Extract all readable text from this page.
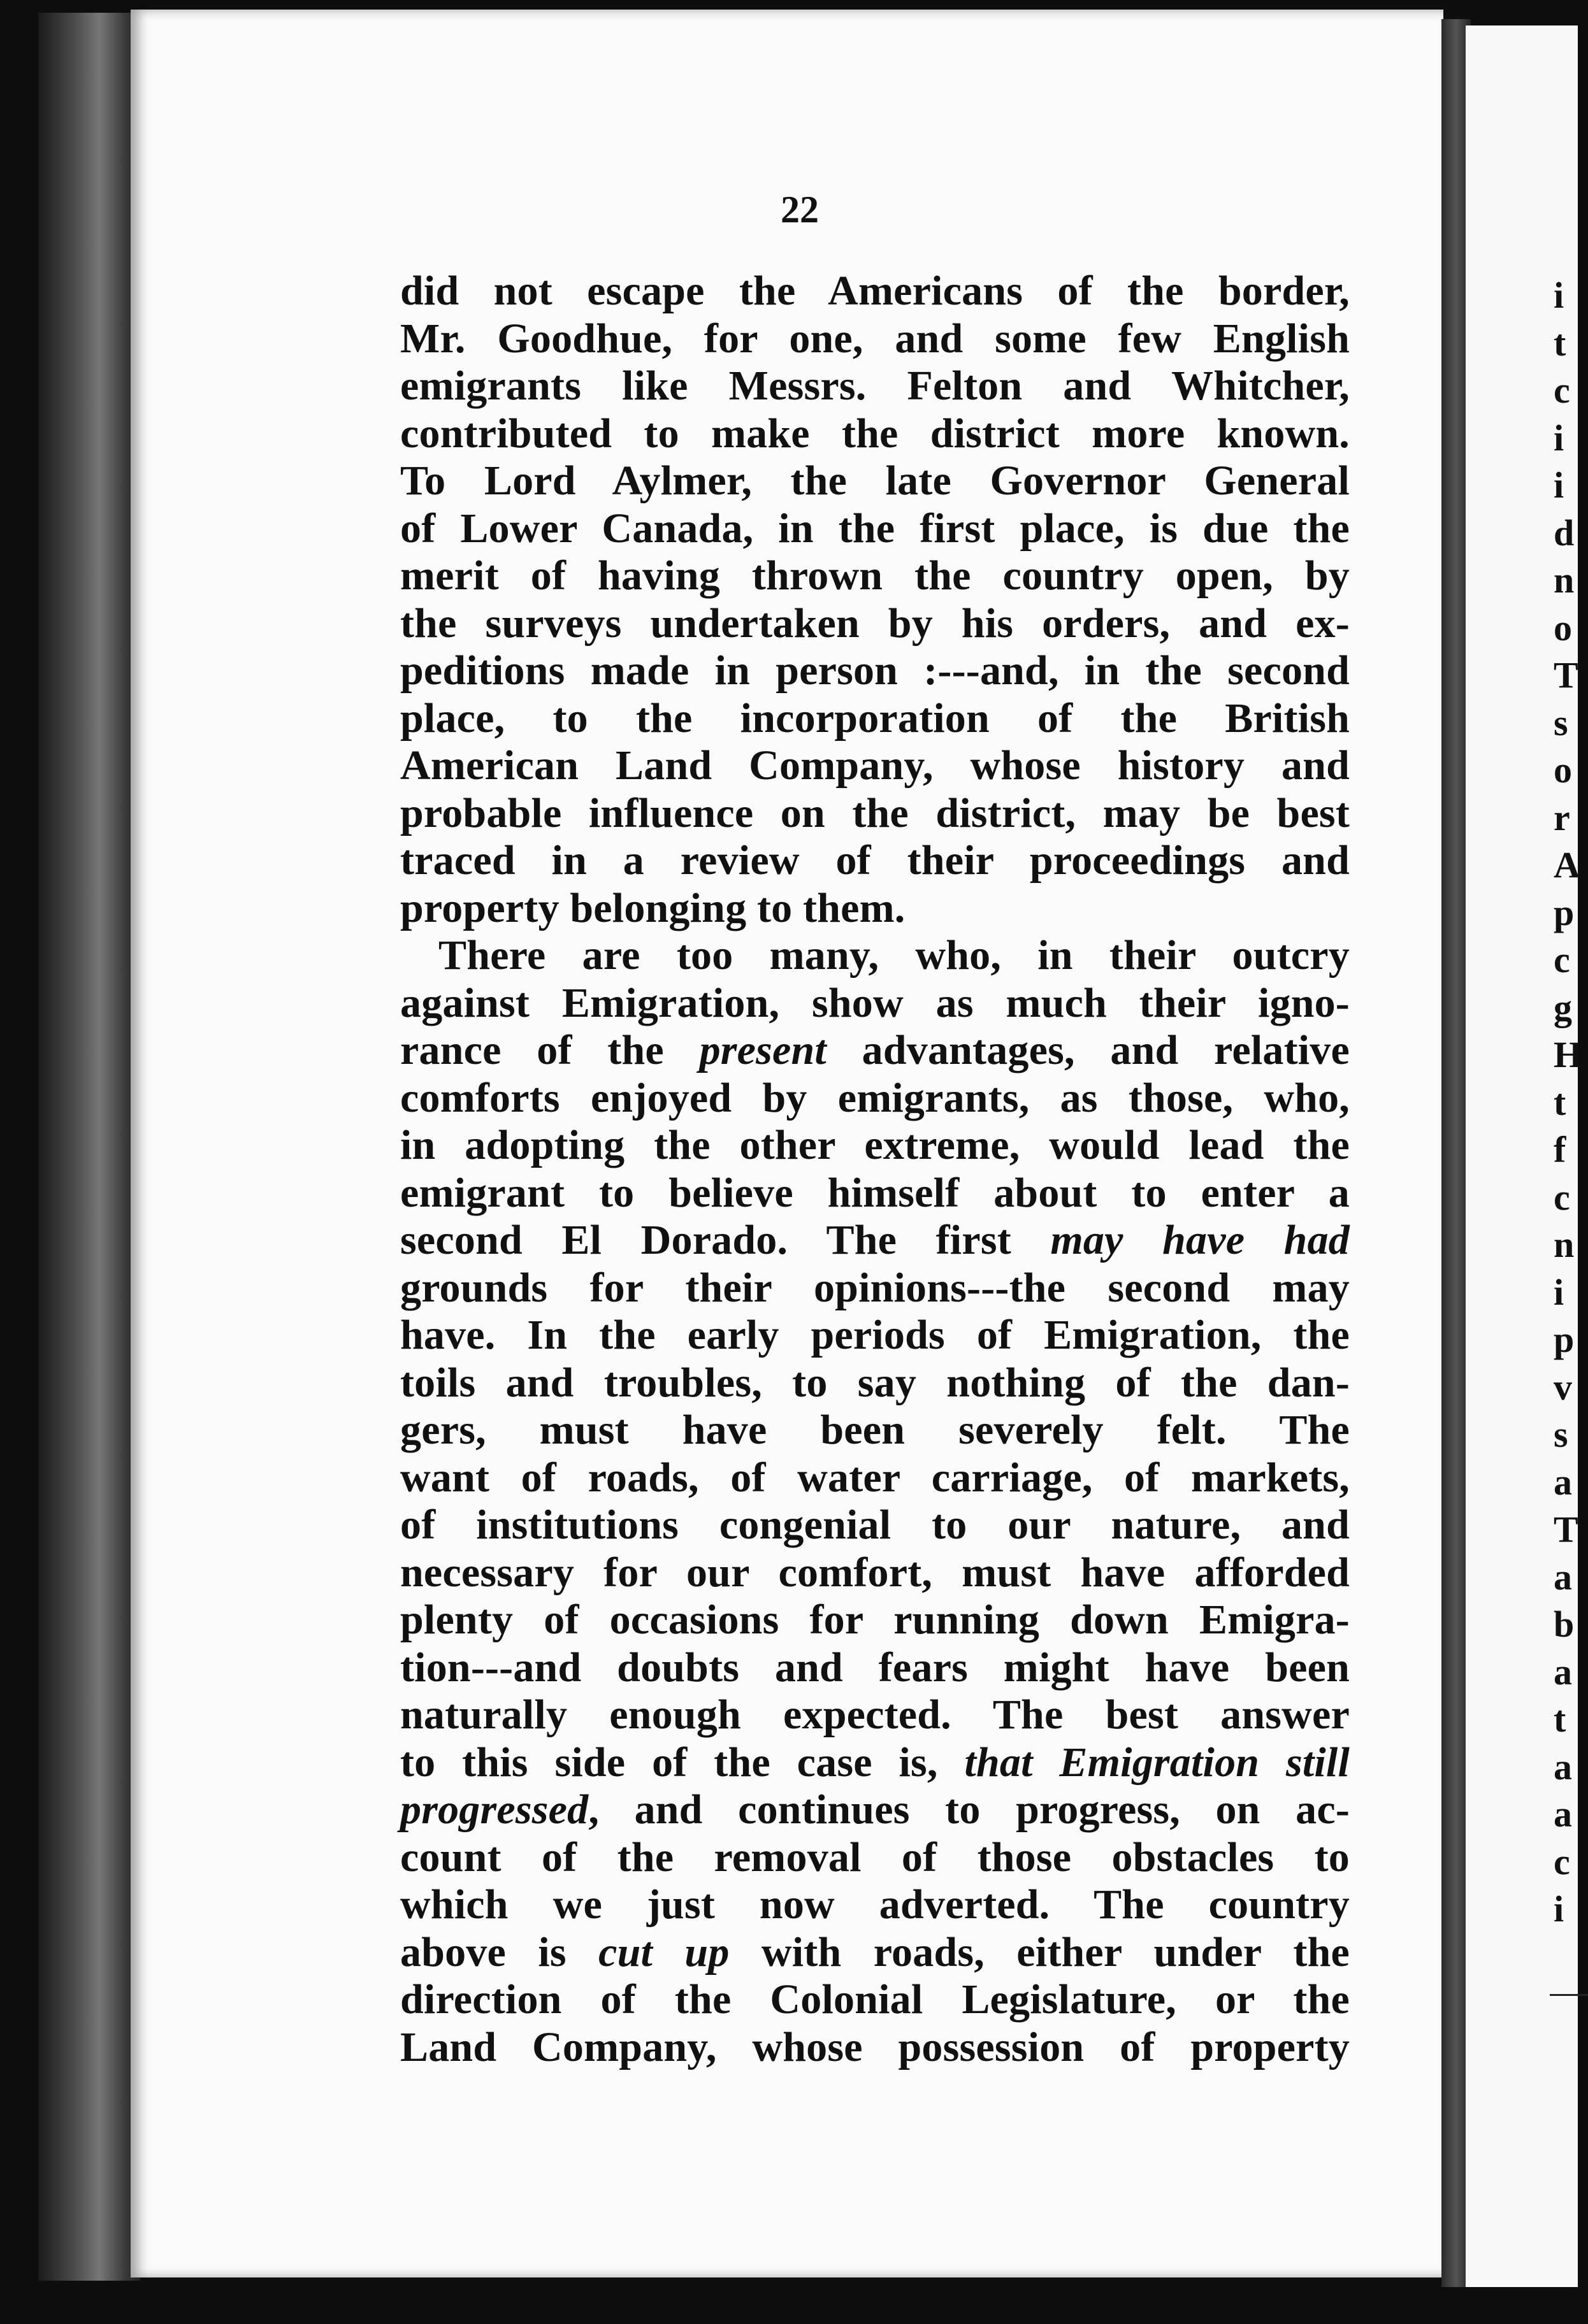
22
i
t
c
i
i
d
n
o
T
s
o
r
A
p
c
g
H
t
f
c
n
i
p
v
s
a
T
a
b
a
t
a
a
c
i
did not escape the Americans of the border,
Mr. Goodhue, for one, and some few English
emigrants like Messrs. Felton and Whitcher,
contributed to make the district more known.
To Lord Aylmer, the late Governor General
of Lower Canada, in the first place, is due the
merit of having thrown the country open, by
the surveys undertaken by his orders, and ex-
peditions made in person :---and, in the second
place, to the incorporation of the British
American Land Company, whose history and
probable influence on the district, may be best
traced in a review of their proceedings and
property belonging to them.
There are too many, who, in their outcry
against Emigration, show as much their igno-
rance of the present advantages, and relative
comforts enjoyed by emigrants, as those, who,
in adopting the other extreme, would lead the
emigrant to believe himself about to enter a
second El Dorado. The first may have had
grounds for their opinions---the second may
have. In the early periods of Emigration, the
toils and troubles, to say nothing of the dan-
gers, must have been severely felt. The
want of roads, of water carriage, of markets,
of institutions congenial to our nature, and
necessary for our comfort, must have afforded
plenty of occasions for running down Emigra-
tion---and doubts and fears might have been
naturally enough expected. The best answer
to this side of the case is, that Emigration still
progressed, and continues to progress, on ac-
count of the removal of those obstacles to
which we just now adverted. The country
above is cut up with roads, either under the
direction of the Colonial Legislature, or the
Land Company, whose possession of property
